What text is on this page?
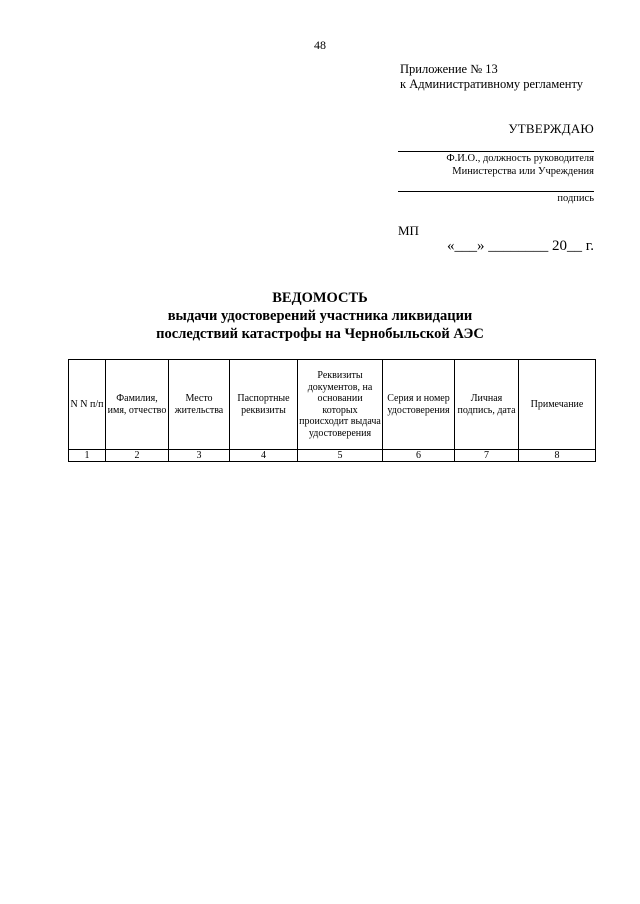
48
Приложение № 13
к Административному регламенту
УТВЕРЖДАЮ
Ф.И.О., должность руководителя
Министерства или Учреждения
подпись
МП
«___» ________ 20__ г.
ВЕДОМОСТЬ
выдачи удостоверений участника ликвидации
последствий катастрофы на Чернобыльской АЭС
N N п/п	Фамилия, имя, отчество	Место жительства	Паспортные реквизиты	Реквизиты документов, на основании которых происходит выдача удостоверения	Серия и номер удостоверения	Личная подпись, дата	Примечание
1	2	3	4	5	6	7	8
